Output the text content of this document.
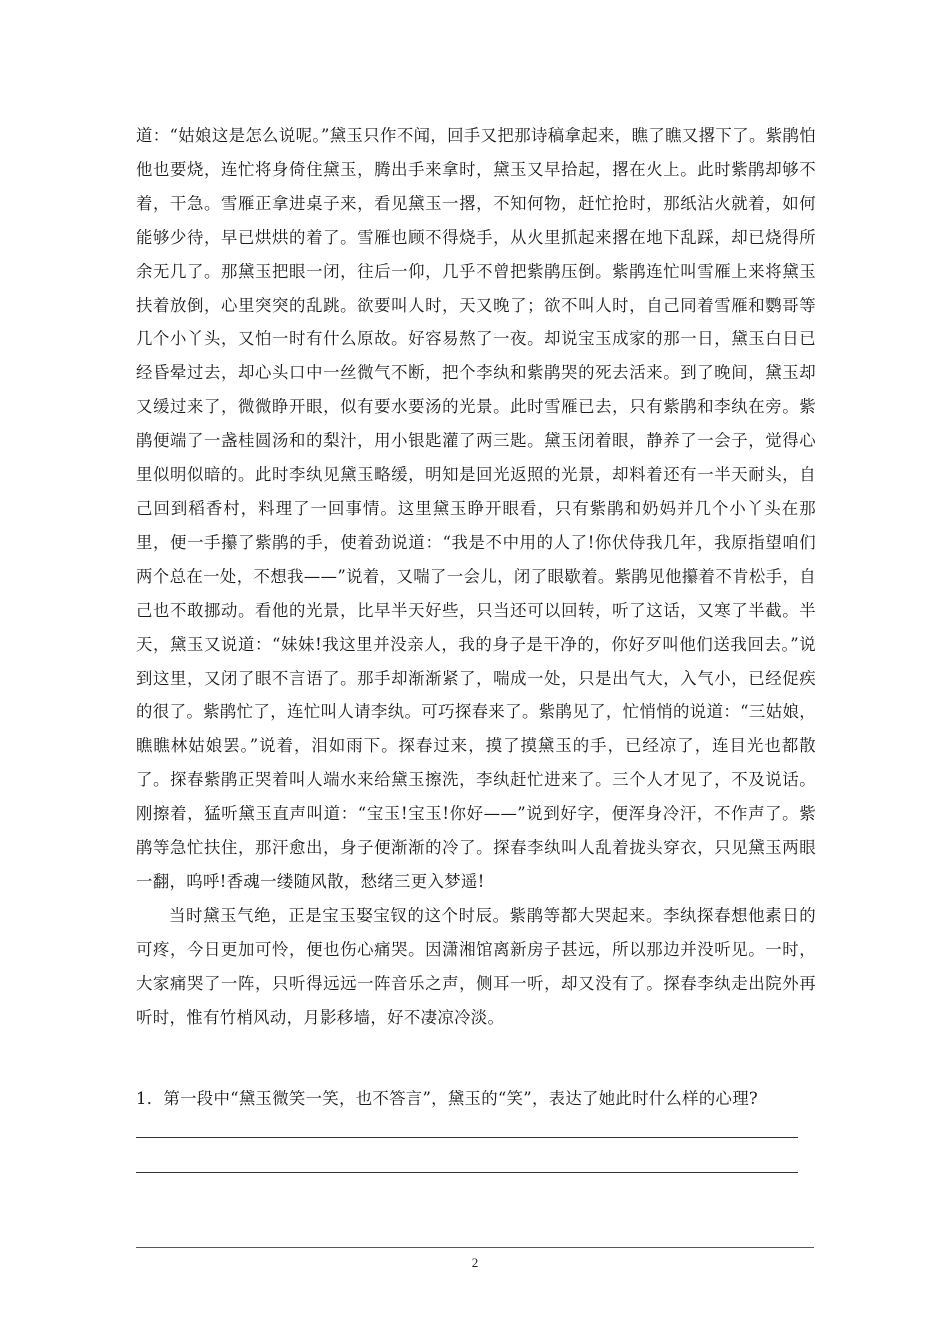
道：“姑娘这是怎么说呢。”黛玉只作不闻，回手又把那诗稿拿起来，瞧了瞧又撂下了。紫鹃怕他也要烧，连忙将身倚住黛玉，腾出手来拿时，黛玉又早拾起，撂在火上。此时紫鹃却够不着，干急。雪雁正拿进桌子来，看见黛玉一撂，不知何物，赶忙抢时，那纸沾火就着，如何能够少待，早已烘烘的着了。雪雁也顾不得烧手，从火里抓起来撂在地下乱踩，却已烧得所余无几了。那黛玉把眼一闭，往后一仰，几乎不曾把紫鹃压倒。紫鹃连忙叫雪雁上来将黛玉扶着放倒，心里突突的乱跳。欲要叫人时，天又晚了；欲不叫人时，自己同着雪雁和鹦哥等几个小丫头，又怕一时有什么原故。好容易熬了一夜。却说宝玉成家的那一日，黛玉白日已经昏晕过去，却心头口中一丝微气不断，把个李纨和紫鹃哭的死去活来。到了晚间，黛玉却又缓过来了，微微睁开眼，似有要水要汤的光景。此时雪雁已去，只有紫鹃和李纨在旁。紫鹃便端了一盏桂圆汤和的梨汁，用小银匙灌了两三匙。黛玉闭着眼，静养了一会子，觉得心里似明似暗的。此时李纨见黛玉略缓，明知是回光返照的光景，却料着还有一半天耐头，自己回到稻香村，料理了一回事情。这里黛玉睁开眼看，只有紫鹃和奶妈并几个小丫头在那里，便一手攥了紫鹃的手，使着劲说道：“我是不中用的人了!你伏侍我几年，我原指望咱们两个总在一处，不想我——”说着，又喘了一会儿，闭了眼歇着。紫鹃见他攥着不肯松手，自己也不敢挪动。看他的光景，比早半天好些，只当还可以回转，听了这话，又寒了半截。半天，黛玉又说道：“妹妹!我这里并没亲人，我的身子是干净的，你好歹叫他们送我回去。”说到这里，又闭了眼不言语了。那手却渐渐紧了，喘成一处，只是出气大，入气小，已经促疾的很了。紫鹃忙了，连忙叫人请李纨。可巧探春来了。紫鹃见了，忙悄悄的说道：“三姑娘，瞧瞧林姑娘罢。”说着，泪如雨下。探春过来，摸了摸黛玉的手，已经凉了，连目光也都散了。探春紫鹃正哭着叫人端水来给黛玉擦洗，李纨赶忙进来了。三个人才见了，不及说话。刚擦着，猛听黛玉直声叫道：“宝玉!宝玉!你好——”说到好字，便浑身冷汗，不作声了。紫鹃等急忙扶住，那汗愈出，身子便渐渐的冷了。探春李纨叫人乱着拢头穿衣，只见黛玉两眼一翻，呜呼!香魂一缕随风散，愁绪三更入梦遥!

当时黛玉气绝，正是宝玉娶宝钗的这个时辰。紫鹃等都大哭起来。李纨探春想他素日的可疼，今日更加可怜，便也伤心痛哭。因潇湘馆离新房子甚远，所以那边并没听见。一时，大家痛哭了一阵，只听得远远一阵音乐之声，侧耳一听，却又没有了。探春李纨走出院外再听时，惟有竹梢风动，月影移墙，好不凄凉冷淡。

1．第一段中“黛玉微笑一笑，也不答言”，黛玉的“笑”，表达了她此时什么样的心理?
2
